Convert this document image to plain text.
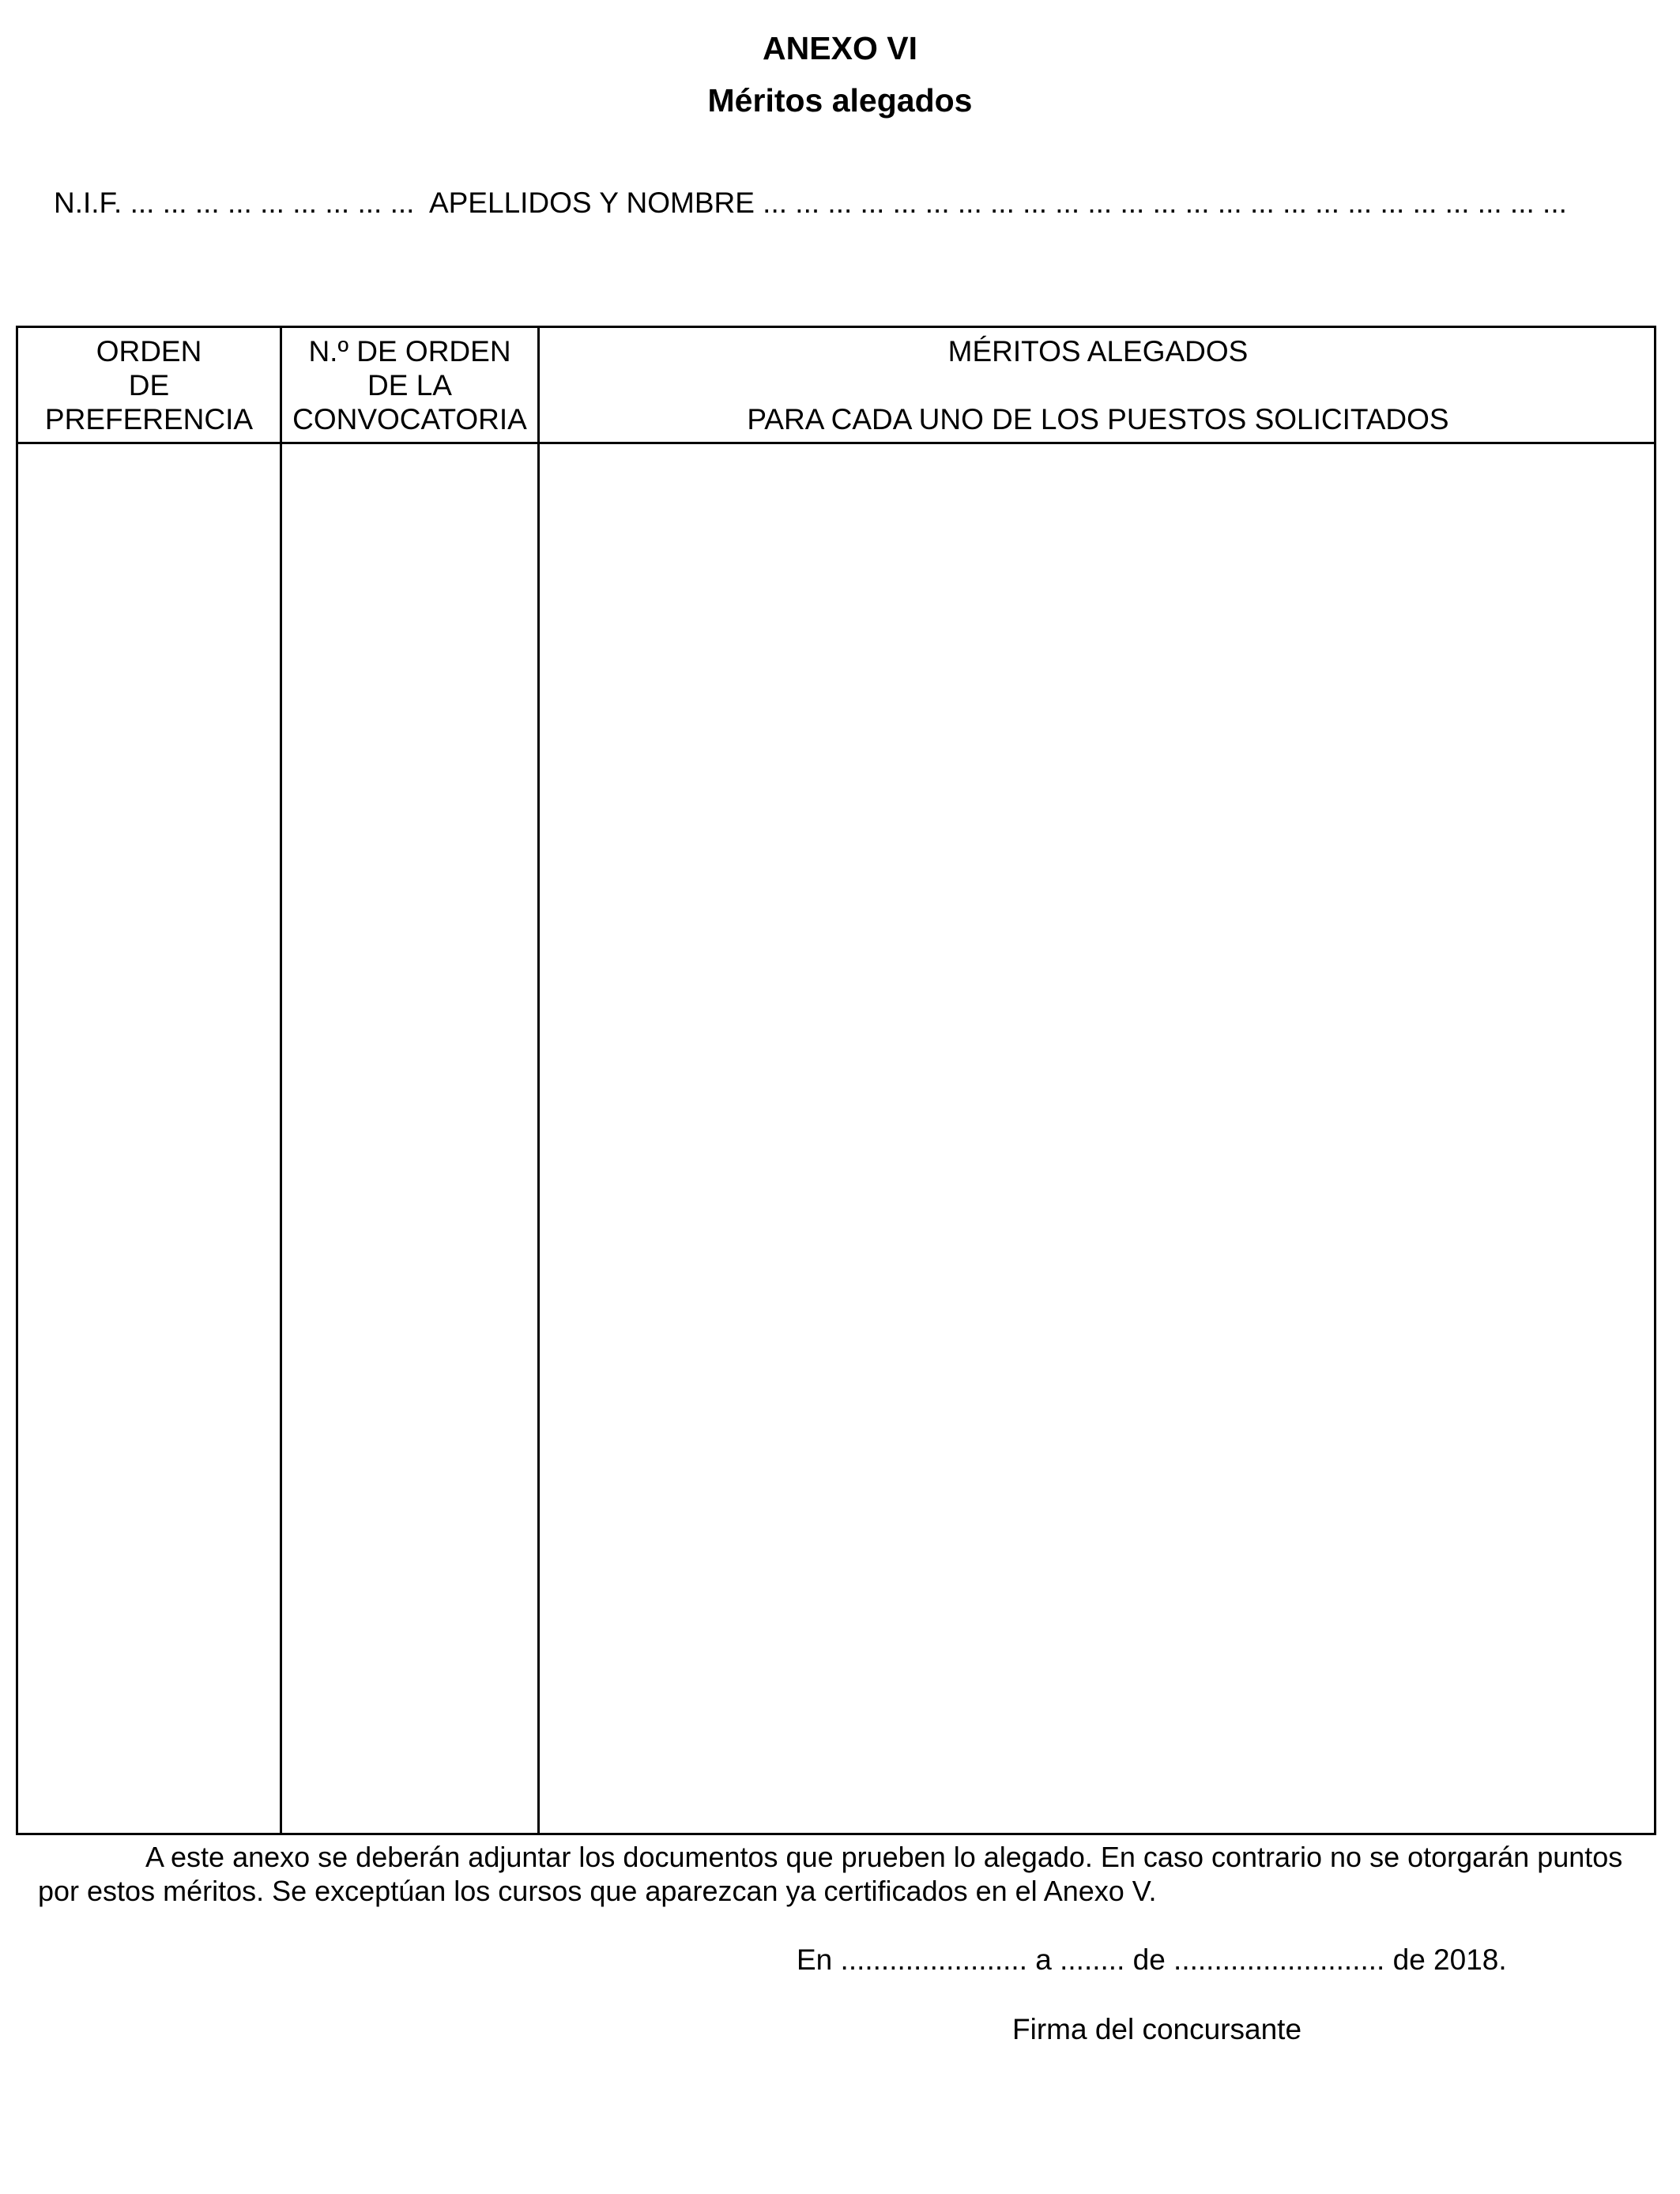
ANEXO VI
Méritos alegados
N.I.F. ... ... ... ... ... ... ... ... ... APELLIDOS Y NOMBRE ... ... ... ... ... ... ... ... ... ... ... ... ... ... ... ... ... ... ... ... ... ... ... ... ...
ORDEN
DE
PREFERENCIA
N.º DE ORDEN
DE LA
CONVOCATORIA
MÉRITOS ALEGADOS
PARA CADA UNO DE LOS PUESTOS SOLICITADOS
A este anexo se deberán adjuntar los documentos que prueben lo alegado. En caso contrario no se otorgarán puntos por estos méritos. Se exceptúan los cursos que aparezcan ya certificados en el Anexo V.
En ....................... a ........ de .......................... de 2018.
Firma del concursante
